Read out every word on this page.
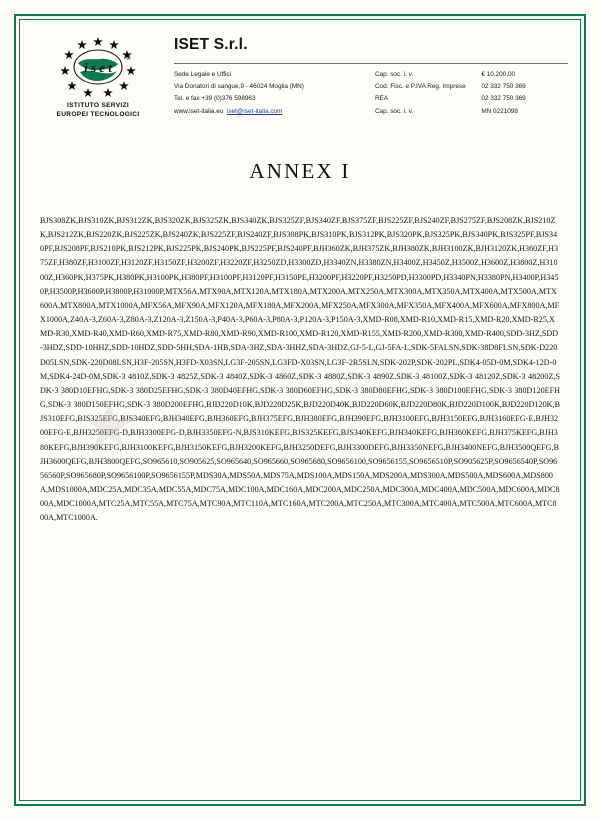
i s e t
®
ISTITUTO SERVIZI
EUROPEI TECNOLOGICI
ISET S.r.l.
Sede Legale e Uffici	Cap. soc. i. v.	€ 10.200,00
Via Donatori di sangue,9 - 46024 Moglia (MN)	Cod. Fisc. e P.IVA Reg. Imprese	02 332 750 369
Tel. e fax +39 (0)376 598963	REA	02 332 750 369
www.iset-italia.eu iset@iset-italia.com	Cap. soc. i. v.	MN 0221098
ANNEX I
BJS308ZK,BJS310ZK,BJS312ZK,BJS320ZK,BJS325ZK,BJS340ZK,BJS325ZF,BJS340ZF,BJS375ZF,BJS225ZF,BJS240ZF,BJS275ZF,BJS208ZK,BJS210ZK,BJS212ZK,BJS220ZK,BJS225ZK,BJS240ZK,BJS225ZF,BJS240ZF,BJS308PK,BJS310PK,BJS312PK,BJS320PK,BJS325PK,BJS340PK,BJS325PF,BJS340PF,BJS208PF,BJS210PK,BJS212PK,BJS225PK,BJS240PK,BJS225PF,BJS240PF,BJH360ZK,BJH375ZK,BJH380ZK,BJH3100ZK,BJH3120ZK,H360ZF,H375ZF,H380ZF,H3100ZF,H3120ZF,H3150ZF,H3200ZF,H3220ZF,H3250ZD,H3300ZD,H3340ZN,H3380ZN,H3400Z,H3450Z,H3500Z,H3600Z,H3800Z,H31000Z,H360PK,H375PK,H380PK,H3100PK,H380PF,H3100PF,H3120PF,H3150PE,H3200PF,H3220PF,H3250PD,H3300PD,H3340PN,H3380PN,H3400P,H3450P,H3500P,H3600P,H3800P,H31000P,MTX56A,MTX90A,MTX120A,MTX180A,MTX200A,MTX250A,MTX300A,MTX350A,MTX400A,MTX500A,MTX600A,MTX800A,MTX1000A,MFX56A,MFX90A,MFX120A,MFX180A,MFX200A,MFX250A,MFX300A,MFX350A,MFX400A,MFX600A,MFX800A,MFX1000A,Z40A-3,Z60A-3,Z80A-3,Z120A-3,Z150A-3,P40A-3,P60A-3,P80A-3,P120A-3,P150A-3,XMD-R08,XMD-R10,XMD-R15,XMD-R20,XMD-R25,XMD-R30,XMD-R40,XMD-R60,XMD-R75,XMD-R80,XMD-R90,XMD-R100,XMD-R120,XMD-R155,XMD-R200,XMD-R300,XMD-R400,SDD-3HZ,SDD-3HDZ,SDD-10HHZ,SDD-10HDZ,SDD-5HH,SDA-1HB,SDA-3HZ,SDA-3HHZ,SDA-3HDZ,GJ-5-L,GJ-5FA-L,SDK-5FALSN,SDK-38D8FLSN,SDK-D220D05LSN,SDK-220D08LSN,H3F-205SN,H3FD-X03SN,LG3F-205SN,LG3FD-X03SN,LG3F-2R5SLN,SDK-202P,SDK-202PL,SDK4-05D-0M,SDK4-12D-0M,SDK4-24D-0M,SDK-3 4810Z,SDK-3 4825Z,SDK-3 4840Z,SDK-3 4860Z,SDK-3 4880Z,SDK-3 4890Z,SDK-3 48100Z,SDK-3 48120Z,SDK-3 48200Z,SDK-3 380D10EFHG,SDK-3 380D25EFHG,SDK-3 380D40EFHG,SDK-3 380D60EFHG,SDK-3 380D80EFHG,SDK-3 380D100EFHG,SDK-3 380D120EFHG,SDK-3 380D150EFHG,SDK-3 380D200EFHG,BJD220D10K,BJD220D25K,BJD220D40K,BJD220D60K,BJD220D80K,BJD220D100K,BJD220D120K,BJS310EFG,BJS325EFG,BJS340EFG,BJH340EFG,BJH360EFG,BJH375EFG,BJH380EFG,BJH390EFG,BJH3100EFG,BJH3150EFG,BJH3160EFG-E,BJH3200EFG-E,BJH3250EFG-D,BJH3300EFG-D,BJH3350EFG-N,BJS310KEFG,BJS325KEFG,BJS340KEFG,BJH340KEFG,BJH360KEFG,BJH375KEFG,BJH380KEFG,BJH390KEFG,BJH3100KEFG,BJH3150KEFG,BJH3200KEFG,BJH3250DEFG,BJH3300DEFG,BJH3350NEFG,BJH3400NEFG,BJH3500QEFG,BJH3600QEFG,BJH3800QEFG,SO965610,SO905625,SO965640,SO965660,SO965680,SO9656100,SO9656155,SO9656510P,SO905625P,SO9656540P,SO9656560P,SO965680P,SO9656100P,SO9656155P,MDS30A,MDS50A,MDS75A,MDS100A,MDS150A,MDS200A,MDS300A,MDS500A,MDS600A,MDS800A,MDS1000A,MDC25A,MDC35A,MDC55A,MDC75A,MDC100A,MDC160A,MDC200A,MDC250A,MDC300A,MDC400A,MDC500A,MDC600A,MDC800A,MDC1000A,MTC25A,MTC55A,MTC75A,MTC90A,MTC110A,MTC160A,MTC200A,MTC250A,MTC300A,MTC400A,MTC500A,MTC600A,MTC800A,MTC1000A.
